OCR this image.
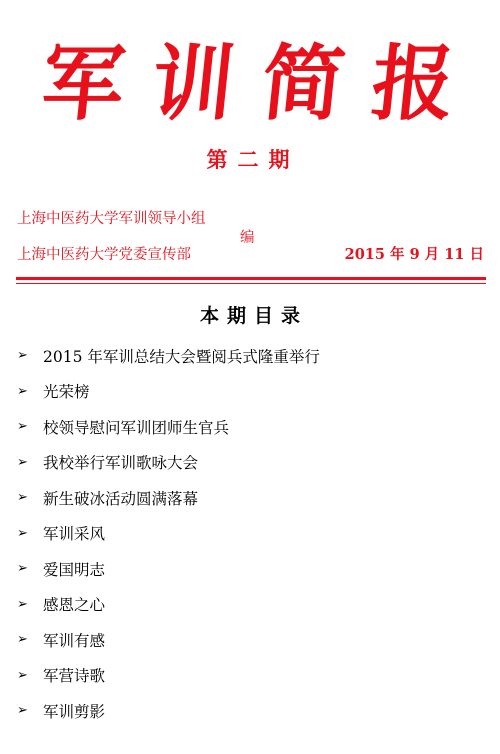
军 训 简 报
第二期
上海中医药大学军训领导小组
上海中医药大学党委宣传部
编
2015 年 9 月 11 日
本期目录
➢ 2015 年军训总结大会暨阅兵式隆重举行
➢ 光荣榜
➢ 校领导慰问军训团师生官兵
➢ 我校举行军训歌咏大会
➢ 新生破冰活动圆满落幕
➢ 军训采风
➢ 爱国明志
➢ 感恩之心
➢ 军训有感
➢ 军营诗歌
➢ 军训剪影
